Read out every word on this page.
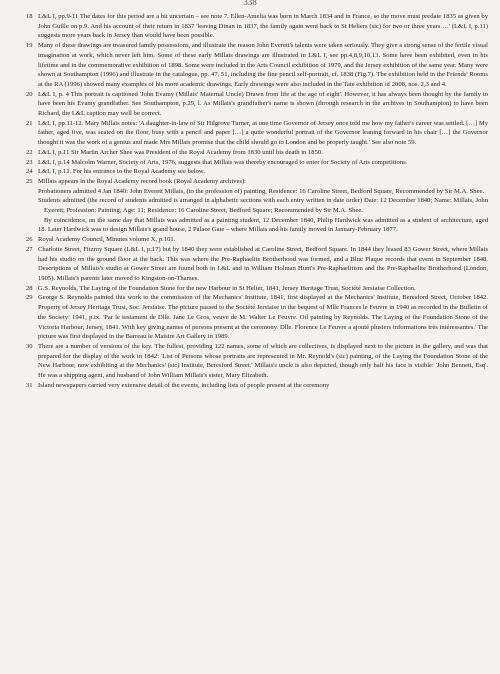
338
18 L&L I, pp.9-11 The dates for this period are a bit uncertain – see note 7. Ellen-Amelia was born in March 1834 and in France, so the move must predate 1835 as given by John Guille on p.9. And his account of their return in 1837 'leaving Dinan in 1837, the family again went back to St Heliers (sic) for two or three years …' (L&L I, p.11) suggests more years back in Jersey than would have been possible.

19 Many of these drawings are treasured family possessions, and illustrate the reason John Everett's talents were taken seriously. They give a strong sense of the fertile visual imagination at work, which never left him. Some of these early Millais drawings are illustrated in L&L I, see pp.4,8,9,10,13. Some have been exhibited, even in his lifetime and in the commemorative exhibition of 1898. Some were included in the Arts Council exhibition of 1979, and the Jersey exhibition of the same year. Many were shown at Southampton (1996) and illustrate in the catalogue, pp. 47, 51, including the fine pencil self-portrait, cf. 1838 (Fig.7). The exhibition held in the Friends' Rooms at the RA (1996) showed many examples of his more academic drawings. Early drawings were also included in the Tate exhibition of 2008, nos. 2,3 and 4.

20 L&L I, p. 4 This portrait is captioned 'John Evamy (Millais' Maternal Uncle) Drawn from life at the age of eight'. However, it has always been thought by the family to have been his Evamy grandfather. See Southampton, p.29, l. As Millais's grandfather's name is shown (through research in the archives in Southampton) to have been Richard, the L&L caption may well be correct.

21 L&L I, pp.11-12. Mary Millais notes: 'A daughter-in-law of Sir Hilgrove Turner, at one time Governor of Jersey once told me how my father's career was settled. […] My father, aged five, was seated on the floor, busy with a pencil and paper […] a quite wonderful portrait of the Governor leaning forward in his chair […] the Governor thought it was the work of a genius and made Mrs Millais promise that the child should go to London and be properly taught.' See also note 59.

22 L&L I, p.11 Sir Martin Archer Shee was President of the Royal Academy from 1830 until his death in 1850.

23 L&L I, p.14 Malcolm Warner, Society of Arts, 1976, suggests that Millais was thereby encouraged to enter for Society of Arts competitions.

24 L&L I, p.12. For his entrance to the Royal Academy see below.

25 Millais appears in the Royal Academy record book (Royal Academy archives):

Probationers admitted 4 Jan 1840: John Everett Millais, (to the profession of) painting, Residence: 16 Caroline Street, Bedford Square, Recommended by Sir M.A. Shee.

Students admitted (the record of students admitted is arranged in alphabetic sections with each entry written in date order) Date: 12 December 1840; Name: Millais, John Everett; Profession: Painting; Age: 11; Residence: 16 Caroline Street, Bedford Square; Recommended by Sir M.A. Shee.

By coincidence, on the same day that Millais was admitted as a painting student, 12 December 1840, Philip Hardwick was admitted as a student of architecture, aged 18. Later Hardwick was to design Millais's grand house, 2 Palace Gate – where Millais and his family moved in January-February 1877.

26 Royal Academy Council, Minutes volume X, p.101.

27 Charlotte Street, Fitzroy Square (L&L I, p.17) but by 1840 they were established at Caroline Street, Bedford Square. In 1844 they leased 83 Gower Street, where Millais had his studio on the ground floor at the back. This was where the Pre-Raphaelite Brotherhood was formed, and a Blue Plaque records that event in September 1848. Descriptions of Millais's studio at Gower Street are found both in L&L and in William Holman Hunt's Pre-Raphaelitism and the Pre-Raphaelite Brotherhood (London, 1905). Millais's parents later moved to Kingston-on-Thames.

28 G.S. Reynolds, The Laying of the Foundation Stone for the new Harbour in St Helier, 1841, Jersey Heritage Trust, Société Jersiaise Collection.

29 George S. Reynolds painted this work to the commission of the Mechanics' Institute, 1841, first displayed at the Mechanics' Institute, Beresford Street, October 1842. Property of Jersey Heritage Trust, Soc. Jersiaise. The picture passed to the Société Jersiaise in the bequest of Mlle Frances le Feuvre in 1940 as recorded in the Bulletin of the Society: 1941, p.ix. 'Par le testament de Dlle. Jane Le Gros, veuve de M. Walter Le Feuvre. Oil painting by Reynolds. The Laying of the Foundation Stone of the Victoria Harbour, Jersey, 1841. With key giving names of persons present at the ceremony. Dlle. Florence Le Feuvre a ajouté plusiers informations très intéressantes.' The picture was first displayed in the Barreau le Maistre Art Gallery in 1989.

30 There are a number of versions of the key. The fullest, providing 122 names, some of which are collectives, is displayed next to the picture in the gallery, and was that prepared for the display of the work in 1842: 'List of Persons whose portraits are represented in Mr. Reynold's (sic) painting, of the Laying the Foundation Stone of the New Harbour, now exhibiting at the Mechanics' (sic) Institute, Beresford Street.' Millais's uncle is also depicted, though only half his face is visible: 'John Bennett, Esq'. He was a shipping agent, and husband of John William Millais's sister, Mary Elizabeth.

31 Island newspapers carried very extensive detail of the events, including lists of people present at the ceremony
